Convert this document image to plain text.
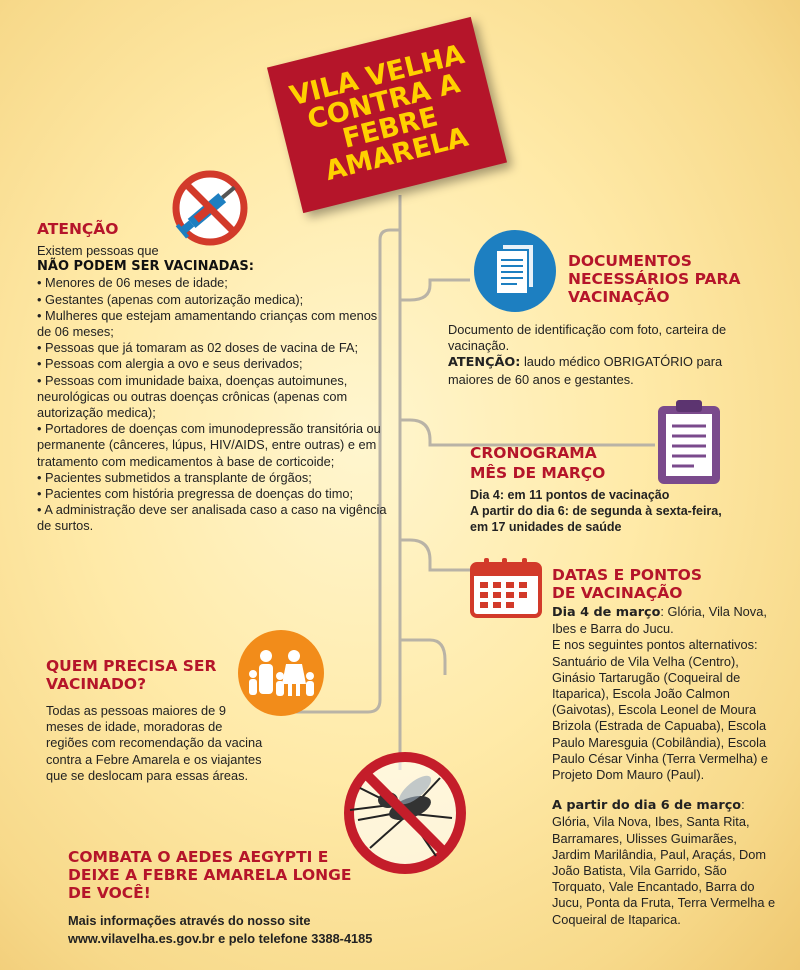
VILA VELHA CONTRA A FEBRE AMARELA
ATENÇÃO
Existem pessoas que
NÃO PODEM SER VACINADAS:
• Menores de 06 meses de idade;
• Gestantes (apenas com autorização medica);
• Mulheres que estejam amamentando crianças com menos de 06 meses;
• Pessoas que já tomaram as 02 doses de vacina de FA;
• Pessoas com alergia a ovo e seus derivados;
• Pessoas com imunidade baixa, doenças autoimunes, neurológicas ou outras doenças crônicas (apenas com autorização medica);
• Portadores de doenças com imunodepressão transitória ou permanente (cânceres, lúpus, HIV/AIDS, entre outras) e em tratamento com medicamentos à base de corticoide;
• Pacientes submetidos a transplante de órgãos;
• Pacientes com história pregressa de doenças do timo;
• A administração deve ser analisada caso a caso na vigência de surtos.
DOCUMENTOS NECESSÁRIOS PARA VACINAÇÃO
Documento de identificação com foto, carteira de vacinação.
ATENÇÃO: laudo médico OBRIGATÓRIO para maiores de 60 anos e gestantes.
CRONOGRAMA
MÊS DE MARÇO
Dia 4: em 11 pontos de vacinação
A partir do dia 6: de segunda à sexta-feira,
em 17 unidades de saúde
DATAS E PONTOS
DE VACINAÇÃO
Dia 4 de março: Glória, Vila Nova, Ibes e Barra do Jucu.
E nos seguintes pontos alternativos: Santuário de Vila Velha (Centro), Ginásio Tartarugão (Coqueiral de Itaparica), Escola João Calmon (Gaivotas), Escola Leonel de Moura Brizola (Estrada de Capuaba), Escola Paulo Maresguia (Cobilândia), Escola Paulo César Vinha (Terra Vermelha) e Projeto Dom Mauro (Paul).
A partir do dia 6 de março: Glória, Vila Nova, Ibes, Santa Rita, Barramares, Ulisses Guimarães, Jardim Marilândia, Paul, Araçás, Dom João Batista, Vila Garrido, São Torquato, Vale Encantado, Barra do Jucu, Ponta da Fruta, Terra Vermelha e Coqueiral de Itaparica.
QUEM PRECISA SER VACINADO?
Todas as pessoas maiores de 9 meses de idade, moradoras de regiões com recomendação da vacina contra a Febre Amarela e os viajantes que se deslocam para essas áreas.
COMBATA O AEDES AEGYPTI E DEIXE A FEBRE AMARELA LONGE DE VOCÊ!
Mais informações através do nosso site
www.vilavelha.es.gov.br e pelo telefone 3388-4185
